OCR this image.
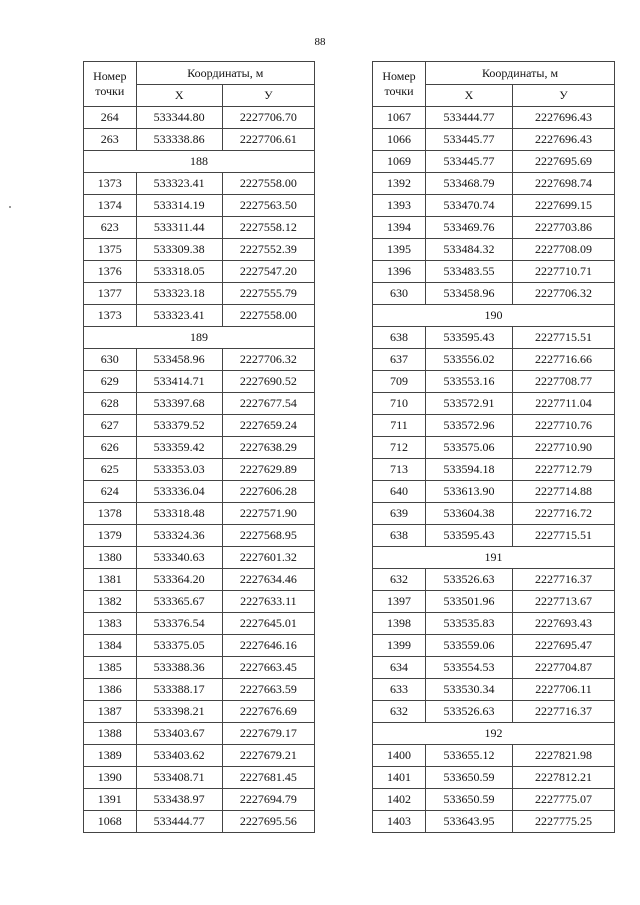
88
Номер точки	Координаты, м	
	X	У
264	533344.80	2227706.70
263	533338.86	2227706.61
188		
1373	533323.41	2227558.00
1374	533314.19	2227563.50
623	533311.44	2227558.12
1375	533309.38	2227552.39
1376	533318.05	2227547.20
1377	533323.18	2227555.79
1373	533323.41	2227558.00
189		
630	533458.96	2227706.32
629	533414.71	2227690.52
628	533397.68	2227677.54
627	533379.52	2227659.24
626	533359.42	2227638.29
625	533353.03	2227629.89
624	533336.04	2227606.28
1378	533318.48	2227571.90
1379	533324.36	2227568.95
1380	533340.63	2227601.32
1381	533364.20	2227634.46
1382	533365.67	2227633.11
1383	533376.54	2227645.01
1384	533375.05	2227646.16
1385	533388.36	2227663.45
1386	533388.17	2227663.59
1387	533398.21	2227676.69
1388	533403.67	2227679.17
1389	533403.62	2227679.21
1390	533408.71	2227681.45
1391	533438.97	2227694.79
1068	533444.77	2227695.56
Номер точки	Координаты, м	
	X	У
1067	533444.77	2227696.43
1066	533445.77	2227696.43
1069	533445.77	2227695.69
1392	533468.79	2227698.74
1393	533470.74	2227699.15
1394	533469.76	2227703.86
1395	533484.32	2227708.09
1396	533483.55	2227710.71
630	533458.96	2227706.32
190		
638	533595.43	2227715.51
637	533556.02	2227716.66
709	533553.16	2227708.77
710	533572.91	2227711.04
711	533572.96	2227710.76
712	533575.06	2227710.90
713	533594.18	2227712.79
640	533613.90	2227714.88
639	533604.38	2227716.72
638	533595.43	2227715.51
191		
632	533526.63	2227716.37
1397	533501.96	2227713.67
1398	533535.83	2227693.43
1399	533559.06	2227695.47
634	533554.53	2227704.87
633	533530.34	2227706.11
632	533526.63	2227716.37
192		
1400	533655.12	2227821.98
1401	533650.59	2227812.21
1402	533650.59	2227775.07
1403	533643.95	2227775.25
